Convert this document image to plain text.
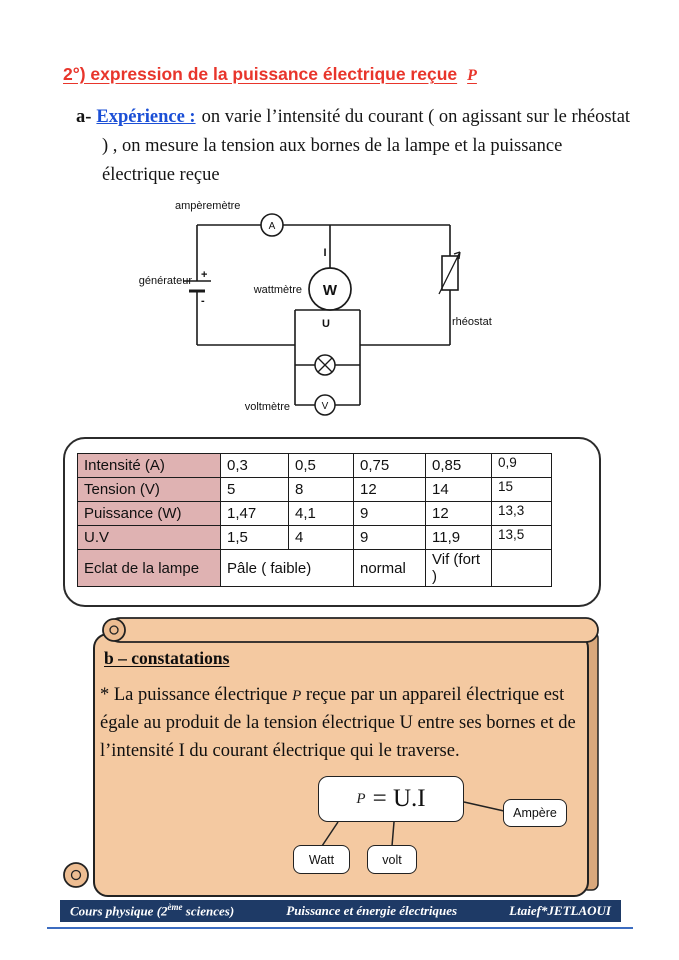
2°) expression de la puissance électrique reçue P
a- Expérience : on varie l’intensité du courant ( on agissant sur le rhéostat ) , on mesure la tension aux bornes de la lampe et la puissance électrique reçue
A
W
V
ampèremètre
générateur +
-
wattmètre
I
U	rhéostat
voltmètre
Intensité (A)	0,3	0,5	0,75	0,85	0,9
Tension (V)	5	8	12	14	15
Puissance (W)	1,47	4,1	9	12	13,3
U.V	1,5	4	9	11,9	13,5
Eclat de la lampe	Pâle ( faible)		normal	Vif (fort )	
b – constatations
* La puissance électrique P reçue par un appareil électrique est égale au produit de la tension électrique U entre ses bornes et de l’intensité I du courant électrique qui le traverse.
P = U.I
Ampère
Watt	volt
Cours physique (2ème sciences)	Puissance et énergie électriques	Ltaief*JETLAOUI
